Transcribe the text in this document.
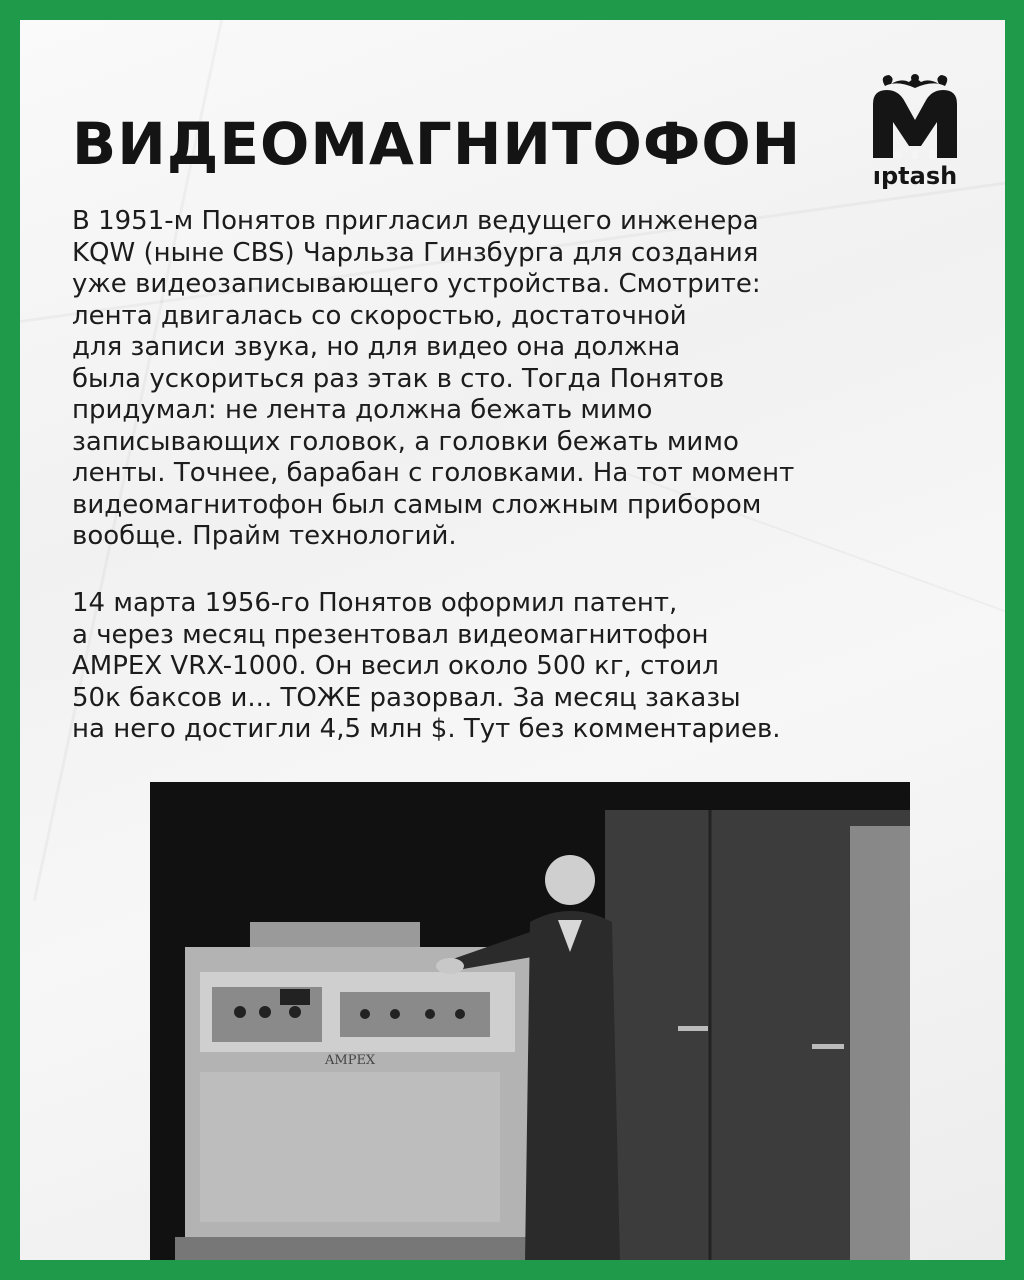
ВИДЕОМАГНИТОФОН	ıptash

В 1951-м Понятов пригласил ведущего инженера
KQW (ныне CBS) Чарльза Гинзбурга для создания
уже видеозаписывающего устройства. Смотрите:
лента двигалась со скоростью, достаточной
для записи звука, но для видео она должна
была ускориться раз этак в сто. Тогда Понятов
придумал: не лента должна бежать мимо
записывающих головок, а головки бежать мимо
ленты. Точнее, барабан с головками. На тот момент
видеомагнитофон был самым сложным прибором
вообще. Прайм технологий.

14 марта 1956-го Понятов оформил патент,
а через месяц презентовал видеомагнитофон
AMPEX VRX-1000. Он весил около 500 кг, стоил
50к баксов и... ТОЖЕ разорвал. За месяц заказы
на него достигли 4,5 млн $. Тут без комментариев.

AMPEX
